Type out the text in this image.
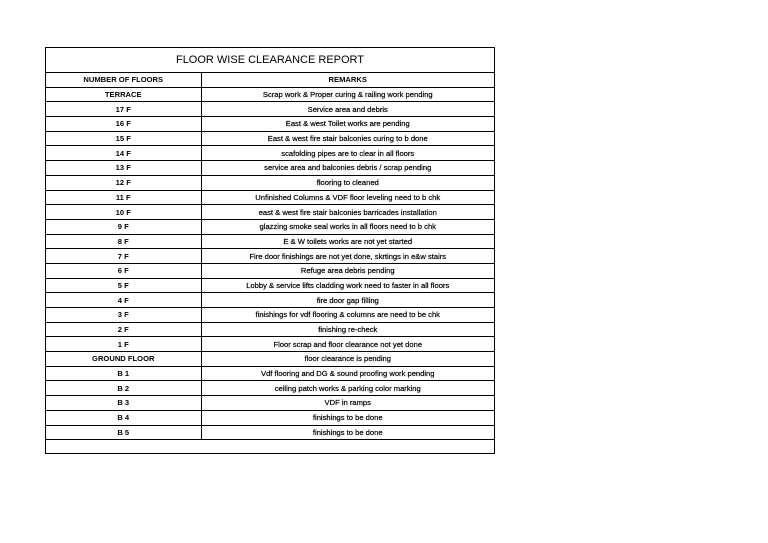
FLOOR WISE CLEARANCE REPORT
NUMBER OF FLOORS	REMARKS
TERRACE	Scrap work & Proper curing & railing work pending
17 F	Service area and debris
16 F	East & west Toilet works are pending
15 F	East & west fire stair balconies curing to b done
14 F	scafolding pipes are to clear in all floors
13 F	service area and balconies debris / scrap pending
12 F	flooring to cleaned
11 F	Unfinished Columns & VDF floor leveling need to b chk
10 F	east & west fire stair balconies barricades installation
9 F	glazzing smoke seal works in all floors need to b chk
8 F	E & W toilets works are not yet started
7 F	Fire door finishings are not yet done, skrtings in e&w stairs
6 F	Refuge area debris pending
5 F	Lobby & service lifts cladding work need to faster in all floors
4 F	fire door gap filling
3 F	finishings for vdf flooring & columns are need to be chk
2 F	finishing re-check
1 F	Floor scrap and floor clearance not yet done
GROUND FLOOR	floor clearance is pending
B 1	Vdf flooring and DG & sound proofing work pending
B 2	ceiling patch works & parking color marking
B 3	VDF in ramps
B 4	finishings to be done
B 5	finishings to be done
